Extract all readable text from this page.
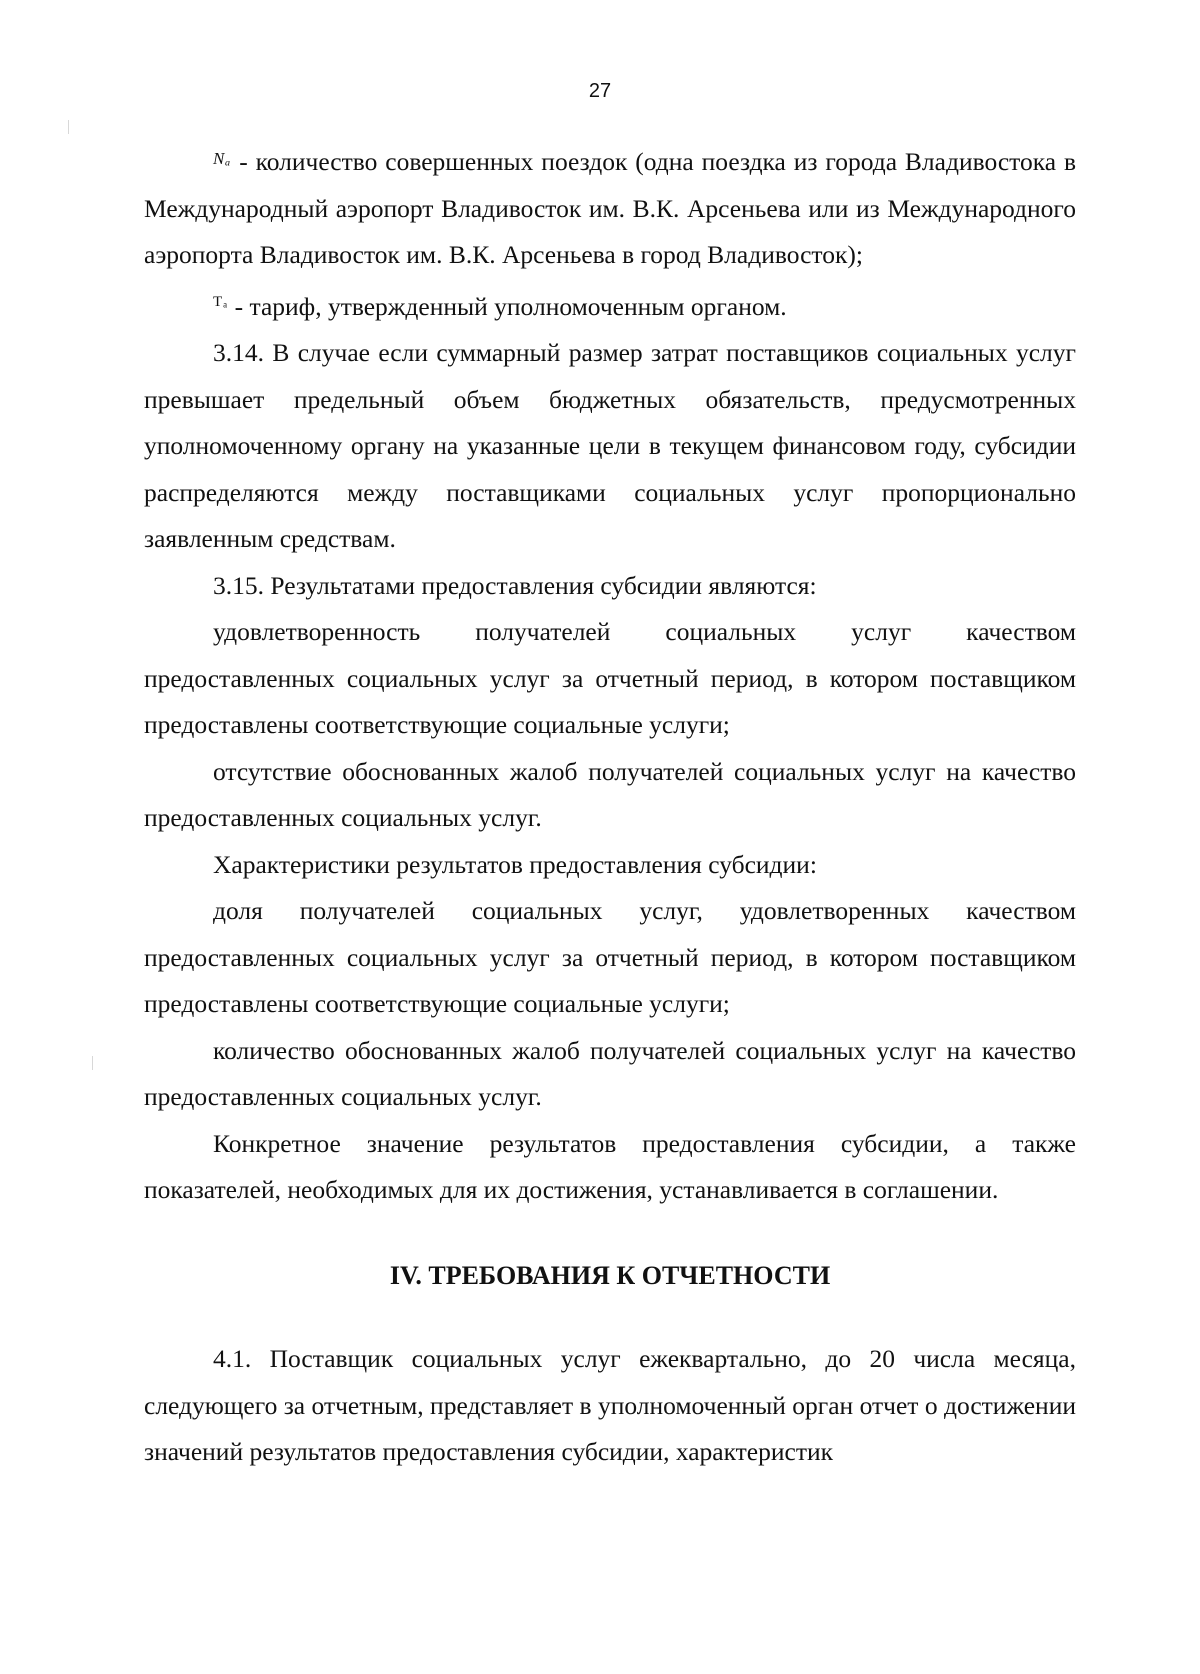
27

$^{N_a}$ - количество совершенных поездок (одна поездка из города Владивостока в Международный аэропорт Владивосток им. В.К. Арсеньева или из Международного аэропорта Владивосток им. В.К. Арсеньева в город Владивосток);

$^{T_a}$ - тариф, утвержденный уполномоченным органом.

3.14. В случае если суммарный размер затрат поставщиков социальных услуг превышает предельный объем бюджетных обязательств, предусмотренных уполномоченному органу на указанные цели в текущем финансовом году, субсидии распределяются между поставщиками социальных услуг пропорционально заявленным средствам.

3.15. Результатами предоставления субсидии являются:

удовлетворенность получателей социальных услуг качеством предоставленных социальных услуг за отчетный период, в котором поставщиком предоставлены соответствующие социальные услуги;

отсутствие обоснованных жалоб получателей социальных услуг на качество предоставленных социальных услуг.

Характеристики результатов предоставления субсидии:

доля получателей социальных услуг, удовлетворенных качеством предоставленных социальных услуг за отчетный период, в котором поставщиком предоставлены соответствующие социальные услуги;

количество обоснованных жалоб получателей социальных услуг на качество предоставленных социальных услуг.

Конкретное значение результатов предоставления субсидии, а также показателей, необходимых для их достижения, устанавливается в соглашении.

IV. ТРЕБОВАНИЯ К ОТЧЕТНОСТИ

4.1. Поставщик социальных услуг ежеквартально, до 20 числа месяца, следующего за отчетным, представляет в уполномоченный орган отчет о достижении значений результатов предоставления субсидии, характеристик
